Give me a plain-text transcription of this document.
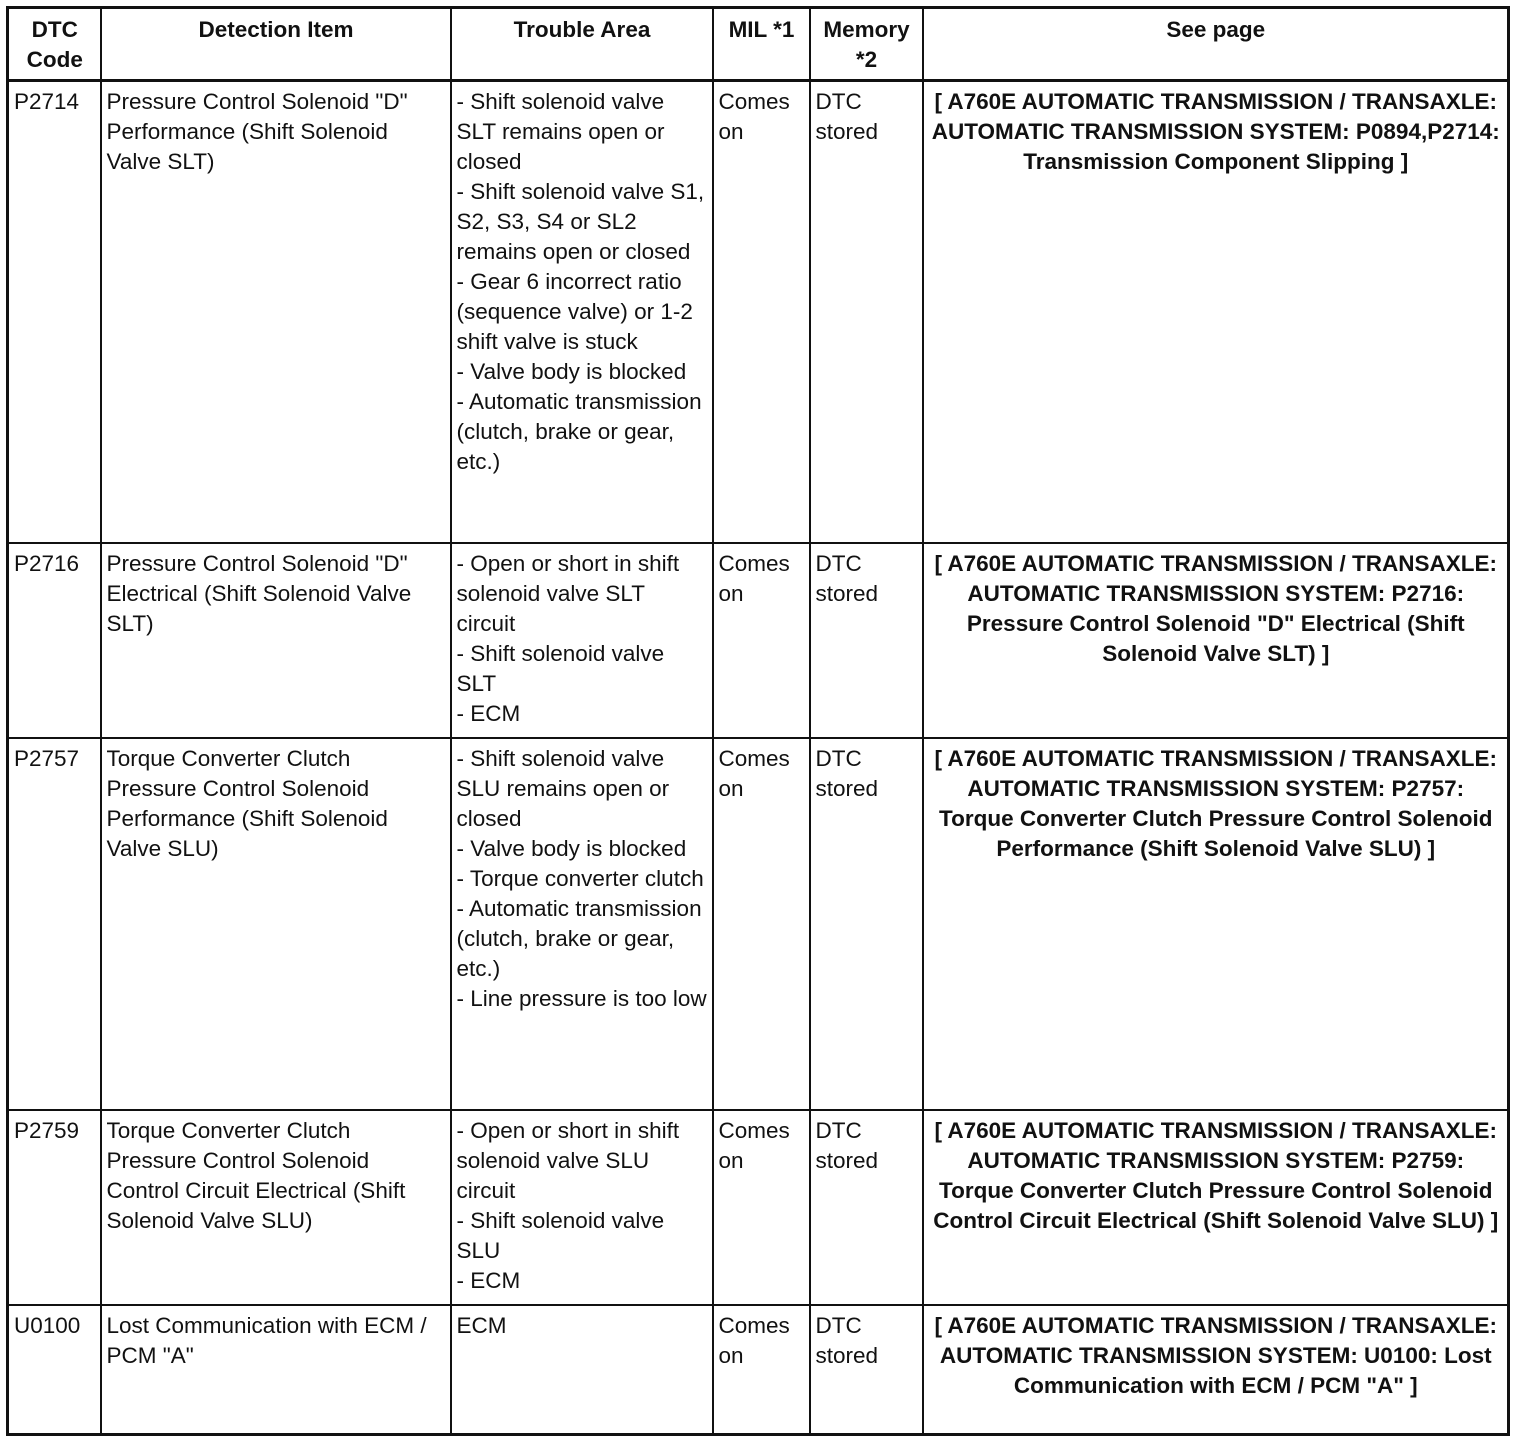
DTC Code	Detection Item	Trouble Area	MIL *1	Memory *2	See page
P2714	Pressure Control Solenoid "D" Performance (Shift Solenoid Valve SLT)	- Shift solenoid valve SLT remains open or closed
- Shift solenoid valve S1, S2, S3, S4 or SL2 remains open or closed
- Gear 6 incorrect ratio (sequence valve) or 1-2 shift valve is stuck
- Valve body is blocked
- Automatic transmission (clutch, brake or gear, etc.)	Comes on	DTC stored	[ A760E AUTOMATIC TRANSMISSION / TRANSAXLE: AUTOMATIC TRANSMISSION SYSTEM: P0894,P2714: Transmission Component Slipping ]
P2716	Pressure Control Solenoid "D" Electrical (Shift Solenoid Valve SLT)	- Open or short in shift solenoid valve SLT circuit
- Shift solenoid valve SLT
- ECM	Comes on	DTC stored	[ A760E AUTOMATIC TRANSMISSION / TRANSAXLE: AUTOMATIC TRANSMISSION SYSTEM: P2716: Pressure Control Solenoid "D" Electrical (Shift Solenoid Valve SLT) ]
P2757	Torque Converter Clutch Pressure Control Solenoid Performance (Shift Solenoid Valve SLU)	- Shift solenoid valve SLU remains open or closed
- Valve body is blocked
- Torque converter clutch
- Automatic transmission (clutch, brake or gear, etc.)
- Line pressure is too low	Comes on	DTC stored	[ A760E AUTOMATIC TRANSMISSION / TRANSAXLE: AUTOMATIC TRANSMISSION SYSTEM: P2757: Torque Converter Clutch Pressure Control Solenoid Performance (Shift Solenoid Valve SLU) ]
P2759	Torque Converter Clutch Pressure Control Solenoid Control Circuit Electrical (Shift Solenoid Valve SLU)	- Open or short in shift solenoid valve SLU circuit
- Shift solenoid valve SLU
- ECM	Comes on	DTC stored	[ A760E AUTOMATIC TRANSMISSION / TRANSAXLE: AUTOMATIC TRANSMISSION SYSTEM: P2759: Torque Converter Clutch Pressure Control Solenoid Control Circuit Electrical (Shift Solenoid Valve SLU) ]
U0100	Lost Communication with ECM / PCM "A"	ECM	Comes on	DTC stored	[ A760E AUTOMATIC TRANSMISSION / TRANSAXLE: AUTOMATIC TRANSMISSION SYSTEM: U0100: Lost Communication with ECM / PCM "A" ]
